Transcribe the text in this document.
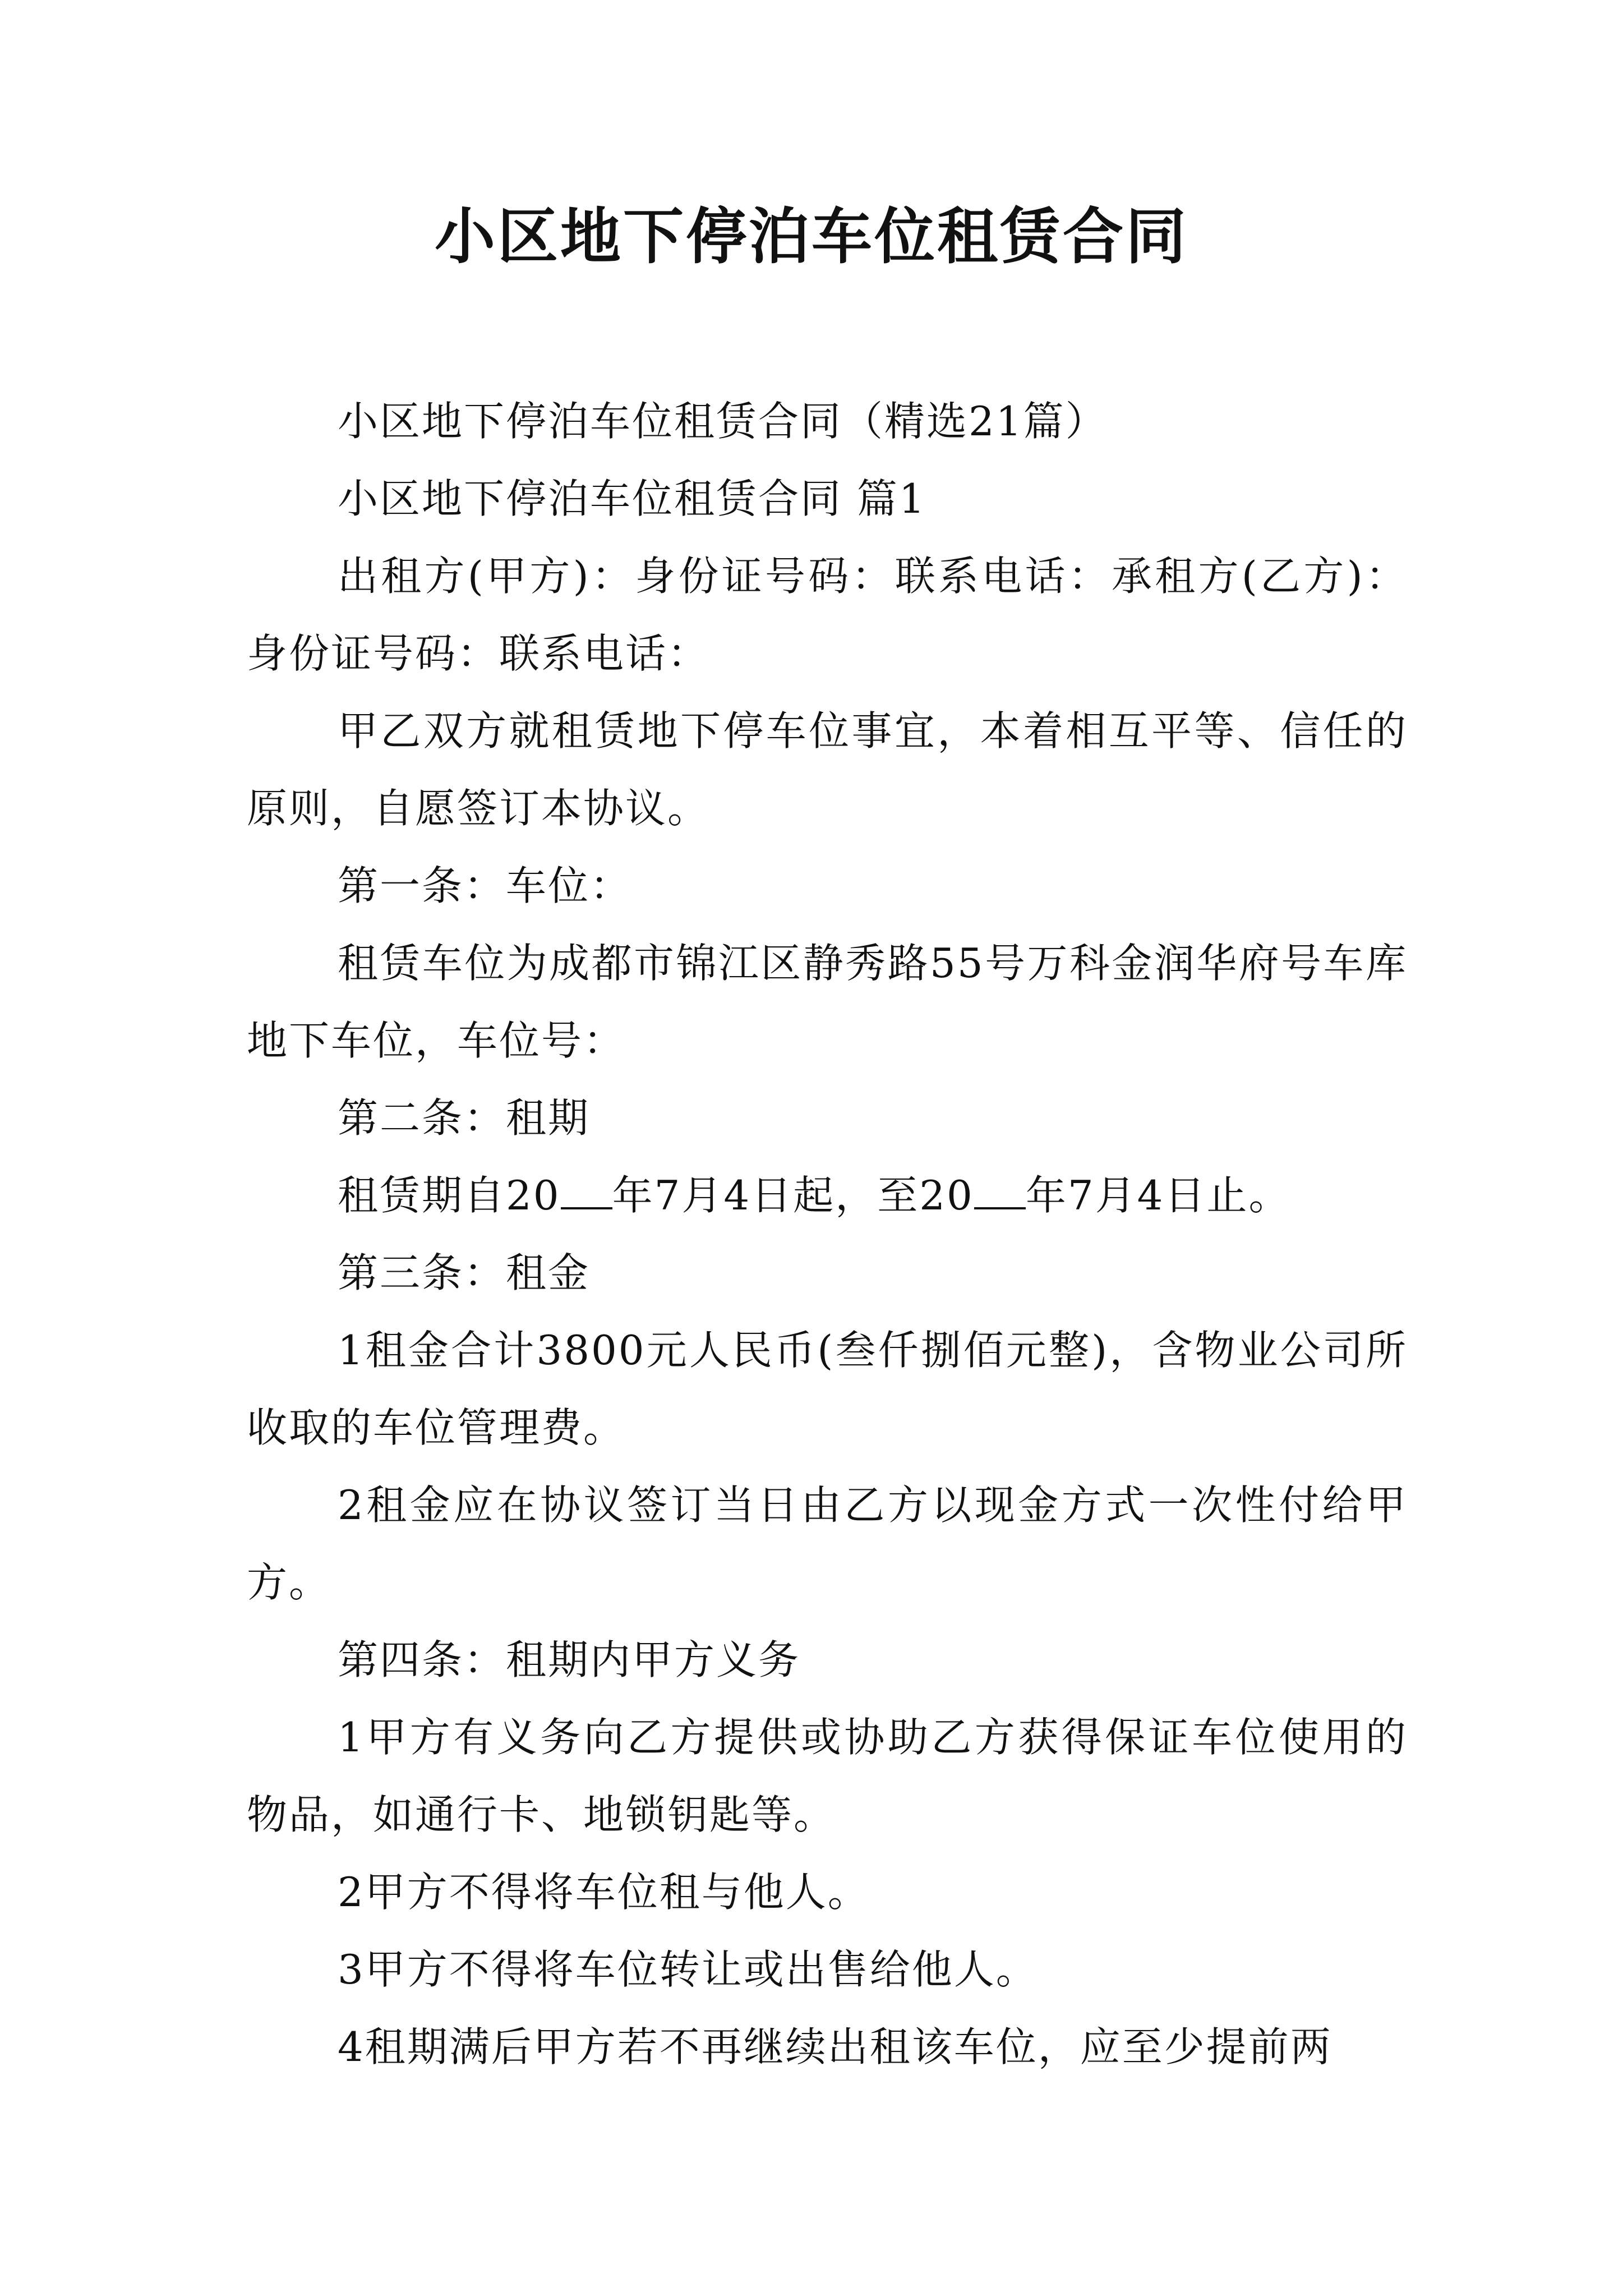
小区地下停泊车位租赁合同

小区地下停泊车位租赁合同（精选21篇）

小区地下停泊车位租赁合同 篇1

出租方(甲方)：身份证号码：联系电话：承租方(乙方)：身份证号码：联系电话：

甲乙双方就租赁地下停车位事宜，本着相互平等、信任的原则，自愿签订本协议。

第一条：车位：

租赁车位为成都市锦江区静秀路55号万科金润华府号车库地下车位，车位号：

第二条：租期

租赁期自20 年7月4日起，至20 年7月4日止。

第三条：租金

1租金合计3800元人民币(叁仟捌佰元整)，含物业公司所收取的车位管理费。

2租金应在协议签订当日由乙方以现金方式一次性付给甲方。

第四条：租期内甲方义务

1甲方有义务向乙方提供或协助乙方获得保证车位使用的物品，如通行卡、地锁钥匙等。

2甲方不得将车位租与他人。

3甲方不得将车位转让或出售给他人。

4租期满后甲方若不再继续出租该车位，应至少提前两
